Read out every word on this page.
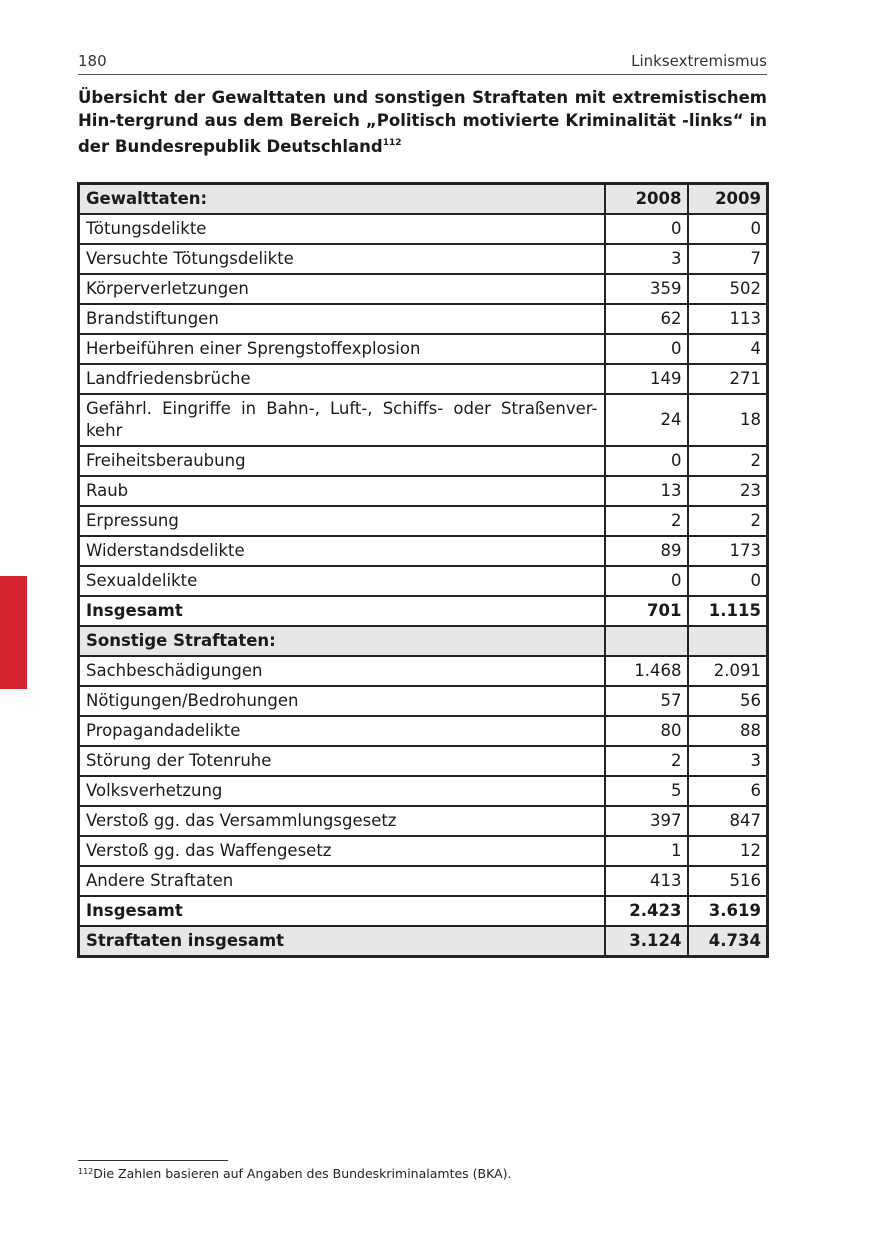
180	Linksextremismus
Übersicht der Gewalttaten und sonstigen Straftaten mit extremistischem Hin-tergrund aus dem Bereich „Politisch motivierte Kriminalität -links“ in der Bundesrepublik Deutschland$^{112}$
Gewalttaten:	2008	2009
Tötungsdelikte	0	0
Versuchte Tötungsdelikte	3	7
Körperverletzungen	359	502
Brandstiftungen	62	113
Herbeiführen einer Sprengstoffexplosion	0	4
Landfriedensbrüche	149	271
Gefährl. Eingriffe in Bahn-, Luft-, Schiffs- oder Straßenver-kehr	24	18
Freiheitsberaubung	0	2
Raub	13	23
Erpressung	2	2
Widerstandsdelikte	89	173
Sexualdelikte	0	0
Insgesamt	701	1.115
Sonstige Straftaten:		
Sachbeschädigungen	1.468	2.091
Nötigungen/Bedrohungen	57	56
Propagandadelikte	80	88
Störung der Totenruhe	2	3
Volksverhetzung	5	6
Verstoß gg. das Versammlungsgesetz	397	847
Verstoß gg. das Waffengesetz	1	12
Andere Straftaten	413	516
Insgesamt	2.423	3.619
Straftaten insgesamt	3.124	4.734
$^{112}$Die Zahlen basieren auf Angaben des Bundeskriminalamtes (BKA).
